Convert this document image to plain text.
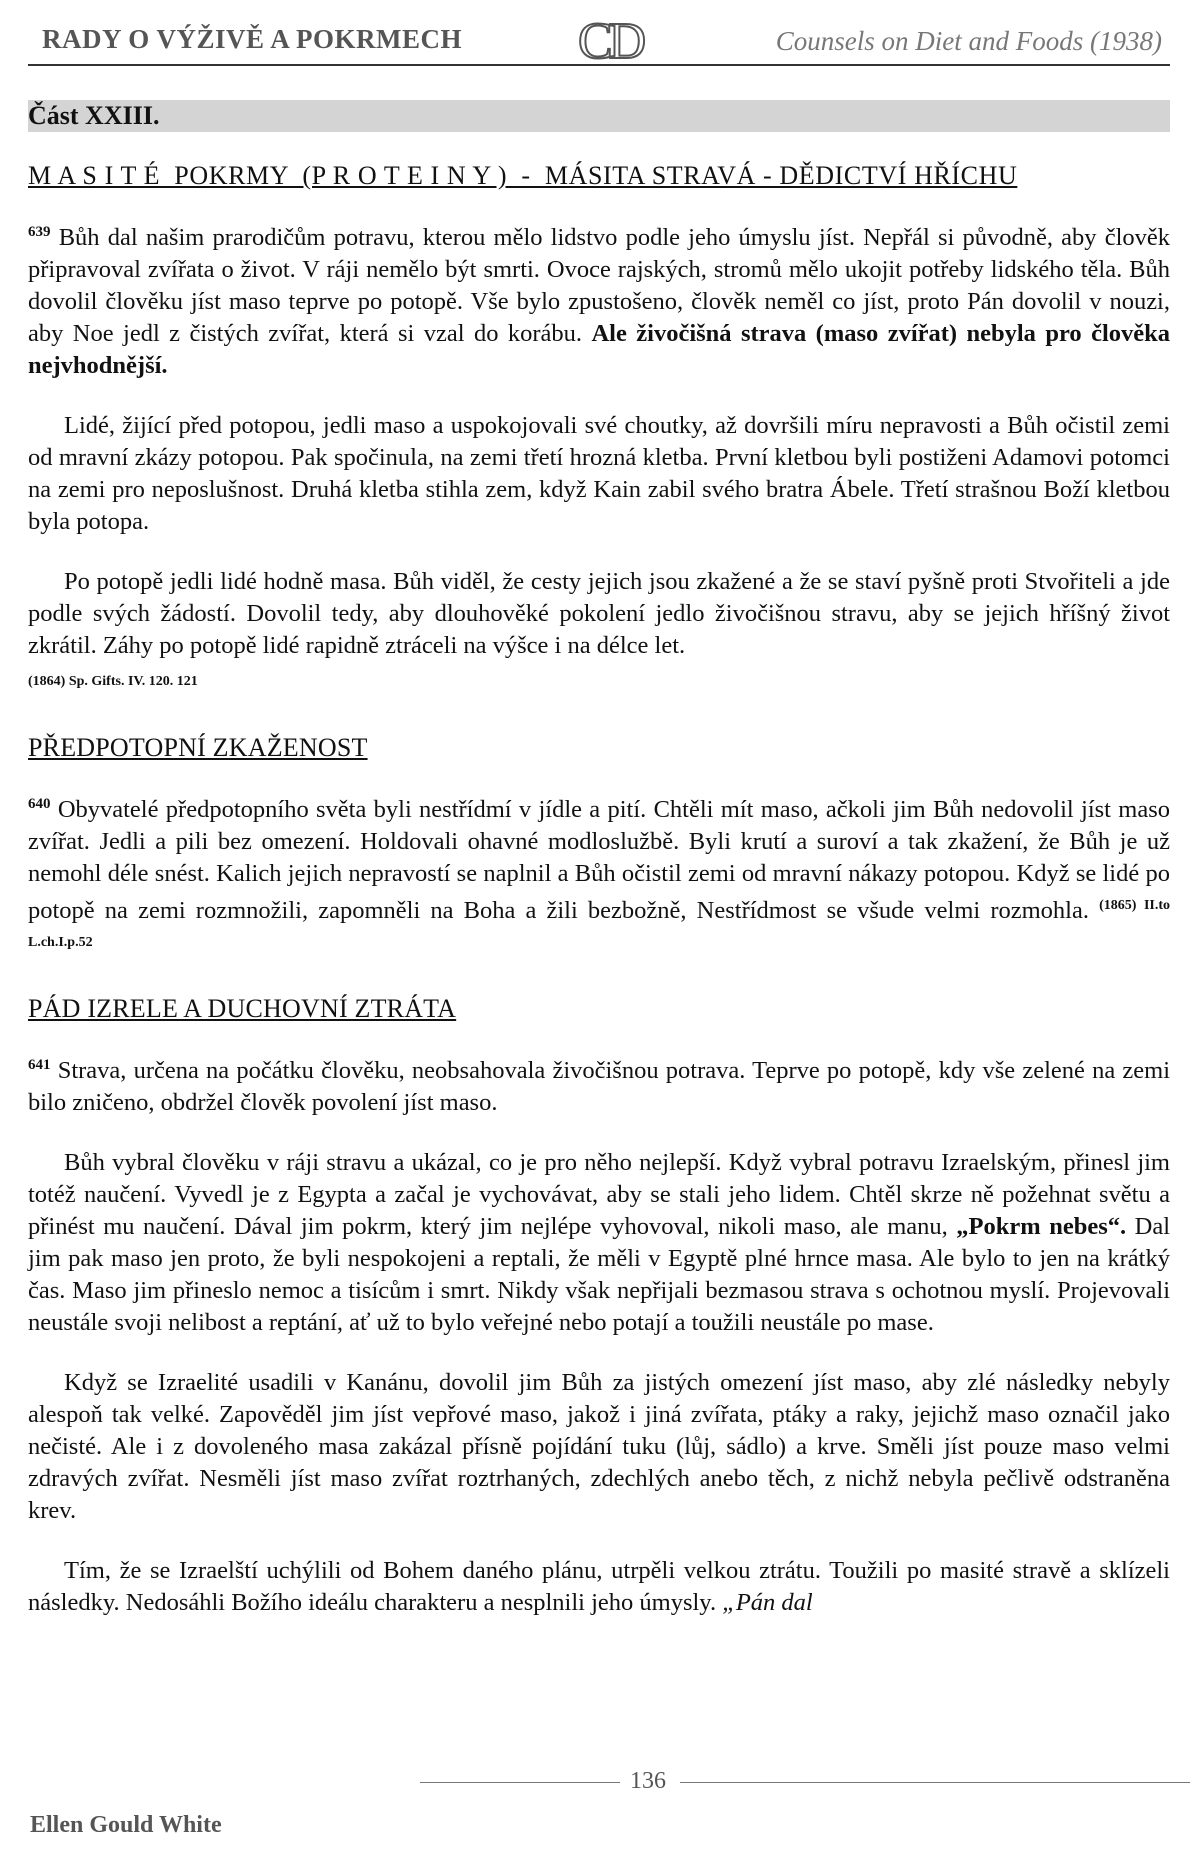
RADY O VÝŽIVĚ A POKRMECH CD	Counsels on Diet and Foods (1938)
Část XXIII.
M A S I T É  POKRMY  (P R O T E I N Y )  -  MÁSITA STRAVÁ - DĚDICTVÍ HŘÍCHU

$^{639}$ Bůh dal našim prarodičům potravu, kterou mělo lidstvo podle jeho úmyslu jíst. Nepřál si původně, aby člověk připravoval zvířata o život. V ráji nemělo být smrti. Ovoce rajských, stromů mělo ukojit potřeby lidského těla. Bůh dovolil člověku jíst maso teprve po potopě. Vše bylo zpustošeno, člověk neměl co jíst, proto Pán dovolil v nouzi, aby Noe jedl z čistých zvířat, která si vzal do korábu. Ale živočišná strava (maso zvířat) nebyla pro člověka nejvhodnější.

Lidé, žijící před potopou, jedli maso a uspokojovali své choutky, až dovršili míru nepravosti a Bůh očistil zemi od mravní zkázy potopou. Pak spočinula, na zemi třetí hrozná kletba. První kletbou byli postiženi Adamovi potomci na zemi pro neposlušnost. Druhá kletba stihla zem, když Kain zabil svého bratra Ábele. Třetí strašnou Boží kletbou byla potopa.

Po potopě jedli lidé hodně masa. Bůh viděl, že cesty jejich jsou zkažené a že se staví pyšně proti Stvořiteli a jde podle svých žádostí. Dovolil tedy, aby dlouhověké pokolení jedlo živočišnou stravu, aby se jejich hříšný život zkrátil. Záhy po potopě lidé rapidně ztráceli na výšce i na délce let.
(1864) Sp. Gifts. IV. 120. 121

PŘEDPOTOPNÍ ZKAŽENOST

$^{640}$ Obyvatelé předpotopního světa byli nestřídmí v jídle a pití. Chtěli mít maso, ačkoli jim Bůh nedovolil jíst maso zvířat. Jedli a pili bez omezení. Holdovali ohavné modloslužbě. Byli krutí a suroví a tak zkažení, že Bůh je už nemohl déle snést. Kalich jejich nepravostí se naplnil a Bůh očistil zemi od mravní nákazy potopou. Když se lidé po potopě na zemi rozmnožili, zapomněli na Boha a žili bezbožně, Nestřídmost se všude velmi rozmohla. $^{(1865) II.to L.ch.I.p.52}$

PÁD IZRELE A DUCHOVNÍ ZTRÁTA

$^{641}$ Strava, určena na počátku člověku, neobsahovala živočišnou potrava. Teprve po potopě, kdy vše zelené na zemi bilo zničeno, obdržel člověk povolení jíst maso.

Bůh vybral člověku v ráji stravu a ukázal, co je pro něho nejlepší. Když vybral potravu Izraelským, přinesl jim totéž naučení. Vyvedl je z Egypta a začal je vychovávat, aby se stali jeho lidem. Chtěl skrze ně požehnat světu a přinést mu naučení. Dával jim pokrm, který jim nejlépe vyhovoval, nikoli maso, ale manu, „Pokrm nebes“. Dal jim pak maso jen proto, že byli nespokojeni a reptali, že měli v Egyptě plné hrnce masa. Ale bylo to jen na krátký čas. Maso jim přineslo nemoc a tisícům i smrt. Nikdy však nepřijali bezmasou strava s ochotnou myslí. Projevovali neustále svoji nelibost a reptání, ať už to bylo veřejné nebo potají a toužili neustále po mase.

Když se Izraelité usadili v Kanánu, dovolil jim Bůh za jistých omezení jíst maso, aby zlé následky nebyly alespoň tak velké. Zapověděl jim jíst vepřové maso, jakož i jiná zvířata, ptáky a raky, jejichž maso označil jako nečisté. Ale i z dovoleného masa zakázal přísně pojídání tuku (lůj, sádlo) a krve. Směli jíst pouze maso velmi zdravých zvířat. Nesměli jíst maso zvířat roztrhaných, zdechlých anebo těch, z nichž nebyla pečlivě odstraněna krev.

Tím, že se Izraelští uchýlili od Bohem daného plánu, utrpěli velkou ztrátu. Toužili po masité stravě a sklízeli následky. Nedosáhli Božího ideálu charakteru a nesplnili jeho úmysly. „Pán dal

136
Ellen Gould White
